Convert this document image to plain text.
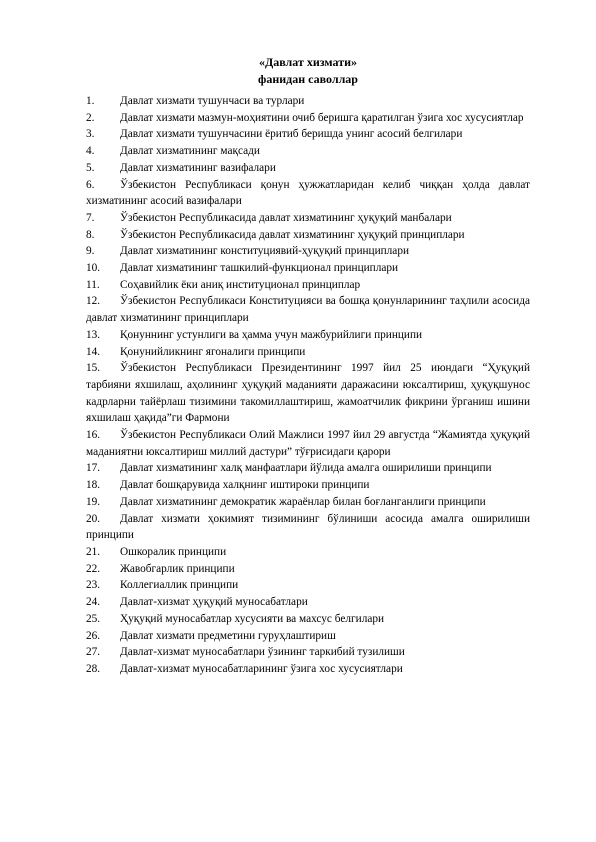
«Давлат хизмати»
фанидан саволлар
1. Давлат хизмати тушунчаси ва турлари
2. Давлат хизмати мазмун-моҳиятини очиб беришга қаратилган ўзига хос хусусиятлар
3. Давлат хизмати тушунчасини ёритиб беришда унинг асосий белгилари
4. Давлат хизматининг мақсади
5. Давлат хизматининг вазифалари
6. Ўзбекистон Республикаси қонун ҳужжатларидан келиб чиққан ҳолда давлат хизматининг асосий вазифалари
7. Ўзбекистон Республикасида давлат хизматининг ҳуқуқий манбалари
8. Ўзбекистон Республикасида давлат хизматининг ҳуқуқий принциплари
9. Давлат хизматининг конституциявий-ҳуқуқий принциплари
10. Давлат хизматининг ташкилий-функционал принциплари
11. Соҳавийлик ёки аниқ институционал принциплар
12. Ўзбекистон Республикаси Конституцияси ва бошқа қонунларининг таҳлили асосида давлат хизматининг принциплари
13. Қонуннинг устунлиги ва ҳамма учун мажбурийлиги принципи
14. Қонунийликнинг ягоналиги принципи
15. Ўзбекистон Республикаси Президентининг 1997 йил 25 июндаги “Ҳуқуқий тарбияни яхшилаш, аҳолининг ҳуқуқий маданияти даражасини юксалтириш, ҳуқуқшунос кадрларни тайёрлаш тизимини такомиллаштириш, жамоатчилик фикрини ўрганиш ишини яхшилаш ҳақида”ги Фармони
16. Ўзбекистон Республикаси Олий Мажлиси 1997 йил 29 августда “Жамиятда ҳуқуқий маданиятни юксалтириш миллий дастури” тўғрисидаги қарори
17. Давлат хизматининг халқ манфаатлари йўлида амалга оширилиши принципи
18. Давлат бошқарувида халқнинг иштироки принципи
19. Давлат хизматининг демократик жараёнлар билан боғланганлиги принципи
20. Давлат хизмати ҳокимият тизимининг бўлиниши асосида амалга оширилиши принципи
21. Ошкоралик принципи
22. Жавобгарлик принципи
23. Коллегиаллик принципи
24. Давлат-хизмат ҳуқуқий муносабатлари
25. Ҳуқуқий муносабатлар хусусияти ва махсус белгилари
26. Давлат хизмати предметини гуруҳлаштириш
27. Давлат-хизмат муносабатлари ўзининг таркибий тузилиши
28. Давлат-хизмат муносабатларининг ўзига хос хусусиятлари
